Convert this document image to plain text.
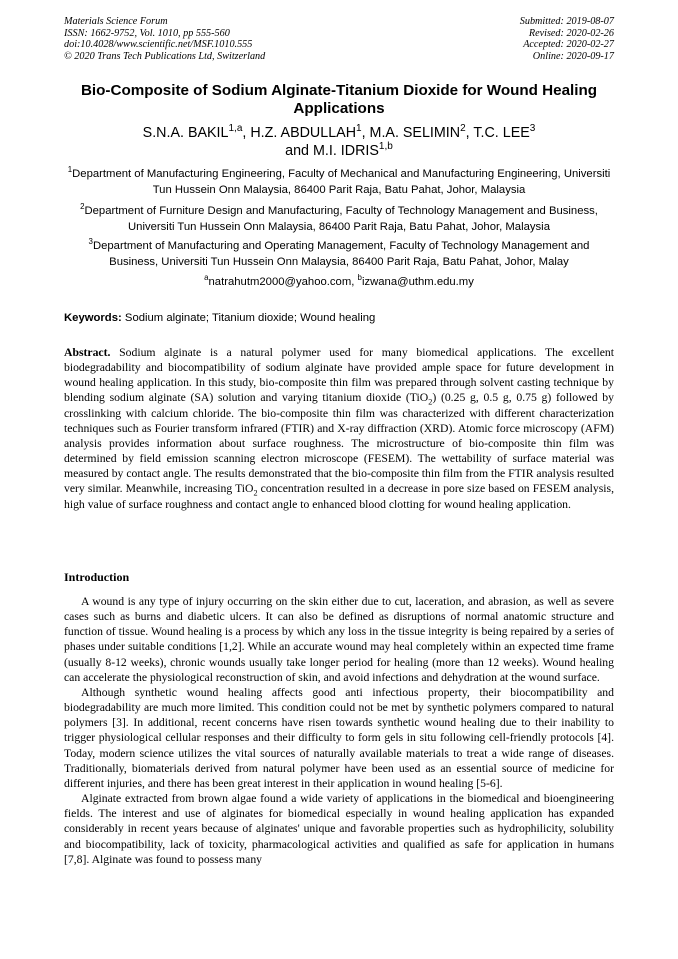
Materials Science Forum
ISSN: 1662-9752, Vol. 1010, pp 555-560
doi:10.4028/www.scientific.net/MSF.1010.555
© 2020 Trans Tech Publications Ltd, Switzerland
Submitted: 2019-08-07
Revised: 2020-02-26
Accepted: 2020-02-27
Online: 2020-09-17
Bio-Composite of Sodium Alginate-Titanium Dioxide for Wound Healing Applications
S.N.A. BAKIL$^{1,a}$, H.Z. ABDULLAH$^1$, M.A. SELIMIN$^2$, T.C. LEE$^3$
and M.I. IDRIS$^{1,b}$
$^1$Department of Manufacturing Engineering, Faculty of Mechanical and Manufacturing Engineering, Universiti Tun Hussein Onn Malaysia, 86400 Parit Raja, Batu Pahat, Johor, Malaysia
$^2$Department of Furniture Design and Manufacturing, Faculty of Technology Management and Business, Universiti Tun Hussein Onn Malaysia, 86400 Parit Raja, Batu Pahat, Johor, Malaysia
$^3$Department of Manufacturing and Operating Management, Faculty of Technology Management and Business, Universiti Tun Hussein Onn Malaysia, 86400 Parit Raja, Batu Pahat, Johor, Malay
$^a$natrahutm2000@yahoo.com, $^b$izwana@uthm.edu.my
Keywords: Sodium alginate; Titanium dioxide; Wound healing

Abstract. Sodium alginate is a natural polymer used for many biomedical applications. The excellent biodegradability and biocompatibility of sodium alginate have provided ample space for future development in wound healing application. In this study, bio-composite thin film was prepared through solvent casting technique by blending sodium alginate (SA) solution and varying titanium dioxide (TiO$_2$) (0.25 g, 0.5 g, 0.75 g) followed by crosslinking with calcium chloride. The bio-composite thin film was characterized with different characterization techniques such as Fourier transform infrared (FTIR) and X-ray diffraction (XRD). Atomic force microscopy (AFM) analysis provides information about surface roughness. The microstructure of bio-composite thin film was determined by field emission scanning electron microscope (FESEM). The wettability of surface material was measured by contact angle. The results demonstrated that the bio-composite thin film from the FTIR analysis resulted very similar. Meanwhile, increasing TiO$_2$ concentration resulted in a decrease in pore size based on FESEM analysis, high value of surface roughness and contact angle to enhanced blood clotting for wound healing application.

Introduction

A wound is any type of injury occurring on the skin either due to cut, laceration, and abrasion, as well as severe cases such as burns and diabetic ulcers. It can also be defined as disruptions of normal anatomic structure and function of tissue. Wound healing is a process by which any loss in the tissue integrity is being repaired by a series of phases under suitable conditions [1,2]. While an accurate wound may heal completely within an expected time frame (usually 8-12 weeks), chronic wounds usually take longer period for healing (more than 12 weeks). Wound healing can accelerate the physiological reconstruction of skin, and avoid infections and dehydration at the wound surface.

Although synthetic wound healing affects good anti infectious property, their biocompatibility and biodegradability are much more limited. This condition could not be met by synthetic polymers compared to natural polymers [3]. In additional, recent concerns have risen towards synthetic wound healing due to their inability to trigger physiological cellular responses and their difficulty to form gels in situ following cell-friendly protocols [4]. Today, modern science utilizes the vital sources of naturally available materials to treat a wide range of diseases. Traditionally, biomaterials derived from natural polymer have been used as an essential source of medicine for different injuries, and there has been great interest in their application in wound healing [5-6].

Alginate extracted from brown algae found a wide variety of applications in the biomedical and bioengineering fields. The interest and use of alginates for biomedical especially in wound healing application has expanded considerably in recent years because of alginates' unique and favorable properties such as hydrophilicity, solubility and biocompatibility, lack of toxicity, pharmacological activities and qualified as safe for application in humans [7,8]. Alginate was found to possess many
